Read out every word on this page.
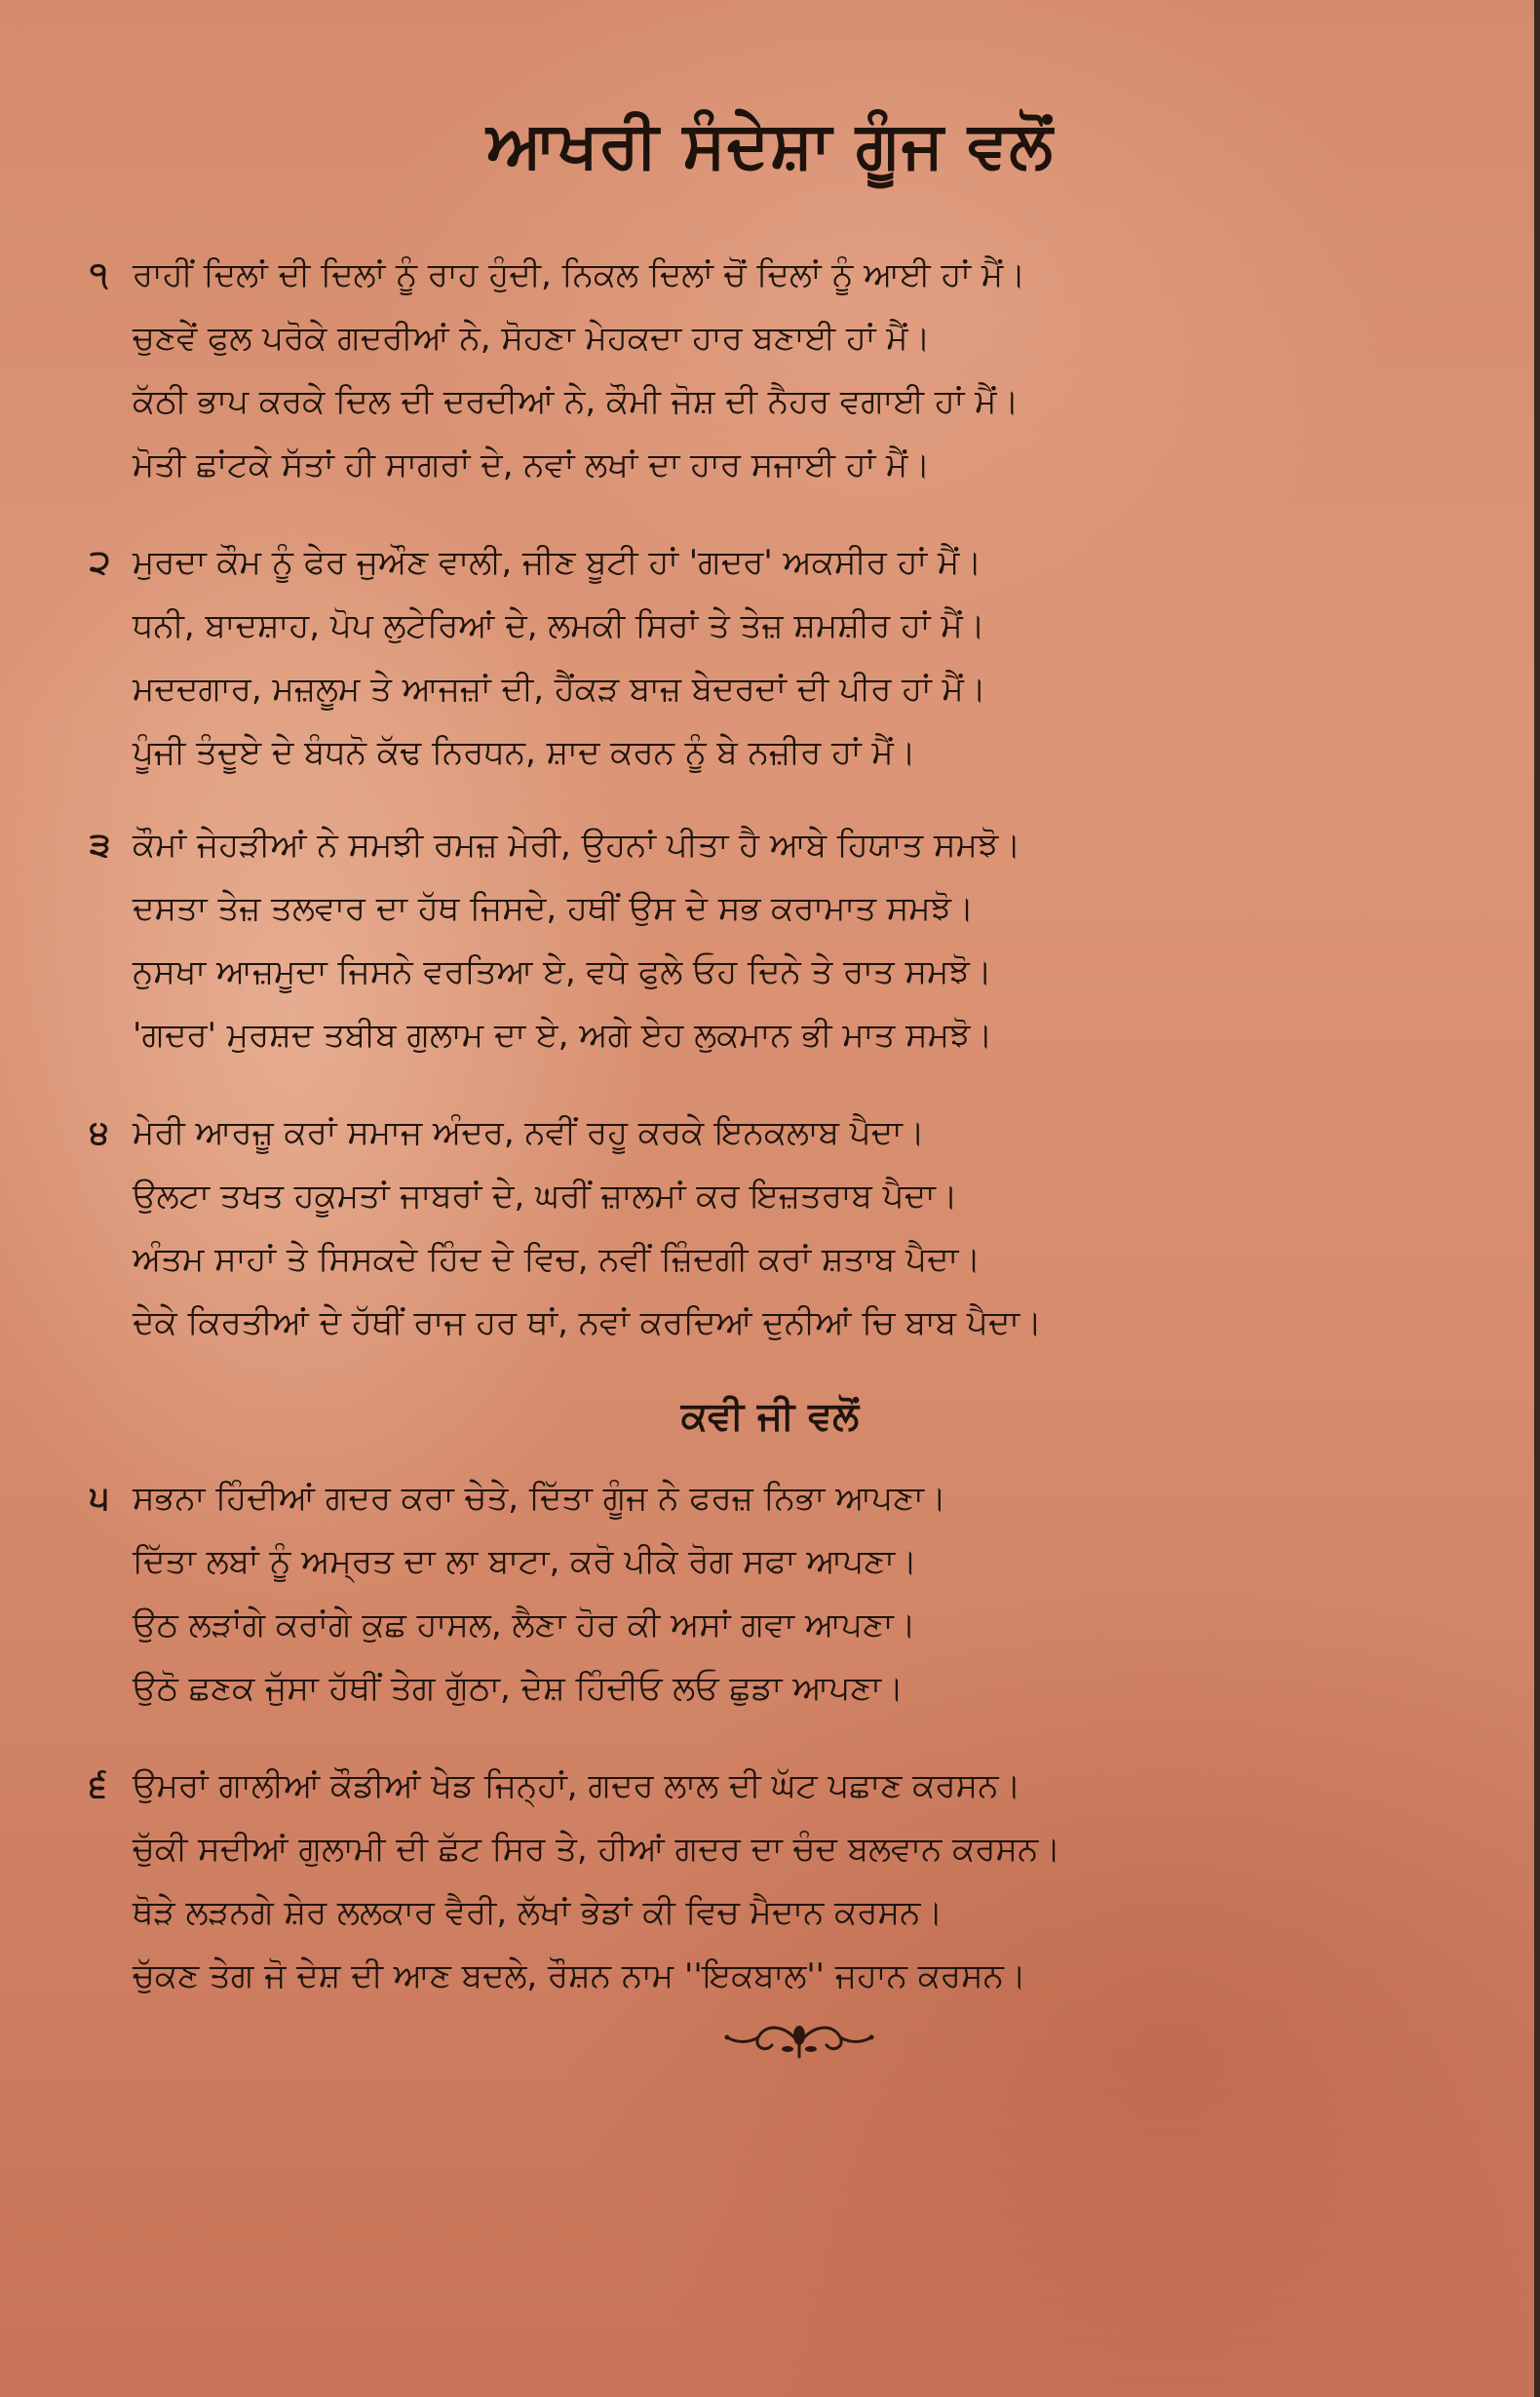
ਆਖਰੀ ਸੰਦੇਸ਼ਾ ਗੂੰਜ ਵਲੋਂ
੧ ਰਾਹੀਂ ਦਿਲਾਂ ਦੀ ਦਿਲਾਂ ਨੂੰ ਰਾਹ ਹੁੰਦੀ, ਨਿਕਲ ਦਿਲਾਂ ਚੋਂ ਦਿਲਾਂ ਨੂੰ ਆਈ ਹਾਂ ਮੈਂ।
ਚੁਣਵੇਂ ਫੁਲ ਪਰੋਕੇ ਗਦਰੀਆਂ ਨੇ, ਸੋਹਣਾ ਮੇਹਕਦਾ ਹਾਰ ਬਣਾਈ ਹਾਂ ਮੈਂ।
ਕੱਠੀ ਭਾਪ ਕਰਕੇ ਦਿਲ ਦੀ ਦਰਦੀਆਂ ਨੇ, ਕੌਮੀ ਜੋਸ਼ ਦੀ ਨੈਹਰ ਵਗਾਈ ਹਾਂ ਮੈਂ।
ਮੋਤੀ ਛਾਂਟਕੇ ਸੱਤਾਂ ਹੀ ਸਾਗਰਾਂ ਦੇ, ਨਵਾਂ ਲਖਾਂ ਦਾ ਹਾਰ ਸਜਾਈ ਹਾਂ ਮੈਂ।
੨ ਮੁਰਦਾ ਕੌਮ ਨੂੰ ਫੇਰ ਜੁਔਣ ਵਾਲੀ, ਜੀਣ ਬੂਟੀ ਹਾਂ 'ਗਦਰ' ਅਕਸੀਰ ਹਾਂ ਮੈਂ।
ਧਨੀ, ਬਾਦਸ਼ਾਹ, ਪੋਪ ਲੁਟੇਰਿਆਂ ਦੇ, ਲਮਕੀ ਸਿਰਾਂ ਤੇ ਤੇਜ਼ ਸ਼ਮਸ਼ੀਰ ਹਾਂ ਮੈਂ।
ਮਦਦਗਾਰ, ਮਜ਼ਲੂਮ ਤੇ ਆਜਜ਼ਾਂ ਦੀ, ਹੈਂਕੜ ਬਾਜ਼ ਬੇਦਰਦਾਂ ਦੀ ਪੀਰ ਹਾਂ ਮੈਂ।
ਪੂੰਜੀ ਤੰਦੂਏ ਦੇ ਬੰਧਨੋ ਕੱਢ ਨਿਰਧਨ, ਸ਼ਾਦ ਕਰਨ ਨੂੰ ਬੇ ਨਜ਼ੀਰ ਹਾਂ ਮੈਂ।
੩ ਕੌਮਾਂ ਜੇਹੜੀਆਂ ਨੇ ਸਮਝੀ ਰਮਜ਼ ਮੇਰੀ, ਉਹਨਾਂ ਪੀਤਾ ਹੈ ਆਬੇ ਹਿਯਾਤ ਸਮਝੋ।
ਦਸਤਾ ਤੇਜ਼ ਤਲਵਾਰ ਦਾ ਹੱਥ ਜਿਸਦੇ, ਹਥੀਂ ਉਸ ਦੇ ਸਭ ਕਰਾਮਾਤ ਸਮਝੋ।
ਨੁਸਖਾ ਆਜ਼ਮੂਦਾ ਜਿਸਨੇ ਵਰਤਿਆ ਏ, ਵਧੇ ਫੁਲੇ ਓਹ ਦਿਨੇ ਤੇ ਰਾਤ ਸਮਝੋ।
'ਗਦਰ' ਮੁਰਸ਼ਦ ਤਬੀਬ ਗੁਲਾਮ ਦਾ ਏ, ਅਗੇ ਏਹ ਲੁਕਮਾਨ ਭੀ ਮਾਤ ਸਮਝੋ।
੪ ਮੇਰੀ ਆਰਜ਼ੂ ਕਰਾਂ ਸਮਾਜ ਅੰਦਰ, ਨਵੀਂ ਰਹੂ ਕਰਕੇ ਇਨਕਲਾਬ ਪੈਦਾ।
ਉਲਟਾ ਤਖਤ ਹਕੂਮਤਾਂ ਜਾਬਰਾਂ ਦੇ, ਘਰੀਂ ਜ਼ਾਲਮਾਂ ਕਰ ਇਜ਼ਤਰਾਬ ਪੈਦਾ।
ਅੰਤਮ ਸਾਹਾਂ ਤੇ ਸਿਸਕਦੇ ਹਿੰਦ ਦੇ ਵਿਚ, ਨਵੀਂ ਜ਼ਿੰਦਗੀ ਕਰਾਂ ਸ਼ਤਾਬ ਪੈਦਾ।
ਦੇਕੇ ਕਿਰਤੀਆਂ ਦੇ ਹੱਥੀਂ ਰਾਜ ਹਰ ਥਾਂ, ਨਵਾਂ ਕਰਦਿਆਂ ਦੁਨੀਆਂ ਚਿ ਬਾਬ ਪੈਦਾ।
ਕਵੀ ਜੀ ਵਲੋਂ
੫ ਸਭਨਾ ਹਿੰਦੀਆਂ ਗਦਰ ਕਰਾ ਚੇਤੇ, ਦਿੱਤਾ ਗੂੰਜ ਨੇ ਫਰਜ਼ ਨਿਭਾ ਆਪਣਾ।
ਦਿੱਤਾ ਲਬਾਂ ਨੂੰ ਅਮ੍ਰਤ ਦਾ ਲਾ ਬਾਟਾ, ਕਰੋ ਪੀਕੇ ਰੋਗ ਸਫਾ ਆਪਣਾ।
ਉਠ ਲੜਾਂਗੇ ਕਰਾਂਗੇ ਕੁਛ ਹਾਸਲ, ਲੈਣਾ ਹੋਰ ਕੀ ਅਸਾਂ ਗਵਾ ਆਪਣਾ।
ਉਠੋ ਛਣਕ ਜੁੱਸਾ ਹੱਥੀਂ ਤੇਗ ਗੁੱਠਾ, ਦੇਸ਼ ਹਿੰਦੀਓ ਲਓ ਛੁਡਾ ਆਪਣਾ।
੬ ਉਮਰਾਂ ਗਾਲੀਆਂ ਕੌਡੀਆਂ ਖੇਡ ਜਿਨ੍ਹਾਂ, ਗਦਰ ਲਾਲ ਦੀ ਘੱਟ ਪਛਾਣ ਕਰਸਨ।
ਚੁੱਕੀ ਸਦੀਆਂ ਗੁਲਾਮੀ ਦੀ ਛੱਟ ਸਿਰ ਤੇ, ਹੀਆਂ ਗਦਰ ਦਾ ਚੰਦ ਬਲਵਾਨ ਕਰਸਨ।
ਥੋੜੇ ਲੜਨਗੇ ਸ਼ੇਰ ਲਲਕਾਰ ਵੈਰੀ, ਲੱਖਾਂ ਭੇਡਾਂ ਕੀ ਵਿਚ ਮੈਦਾਨ ਕਰਸਨ।
ਚੁੱਕਣ ਤੇਗ ਜੋ ਦੇਸ਼ ਦੀ ਆਣ ਬਦਲੇ, ਰੌਸ਼ਨ ਨਾਮ ''ਇਕਬਾਲ'' ਜਹਾਨ ਕਰਸਨ।
